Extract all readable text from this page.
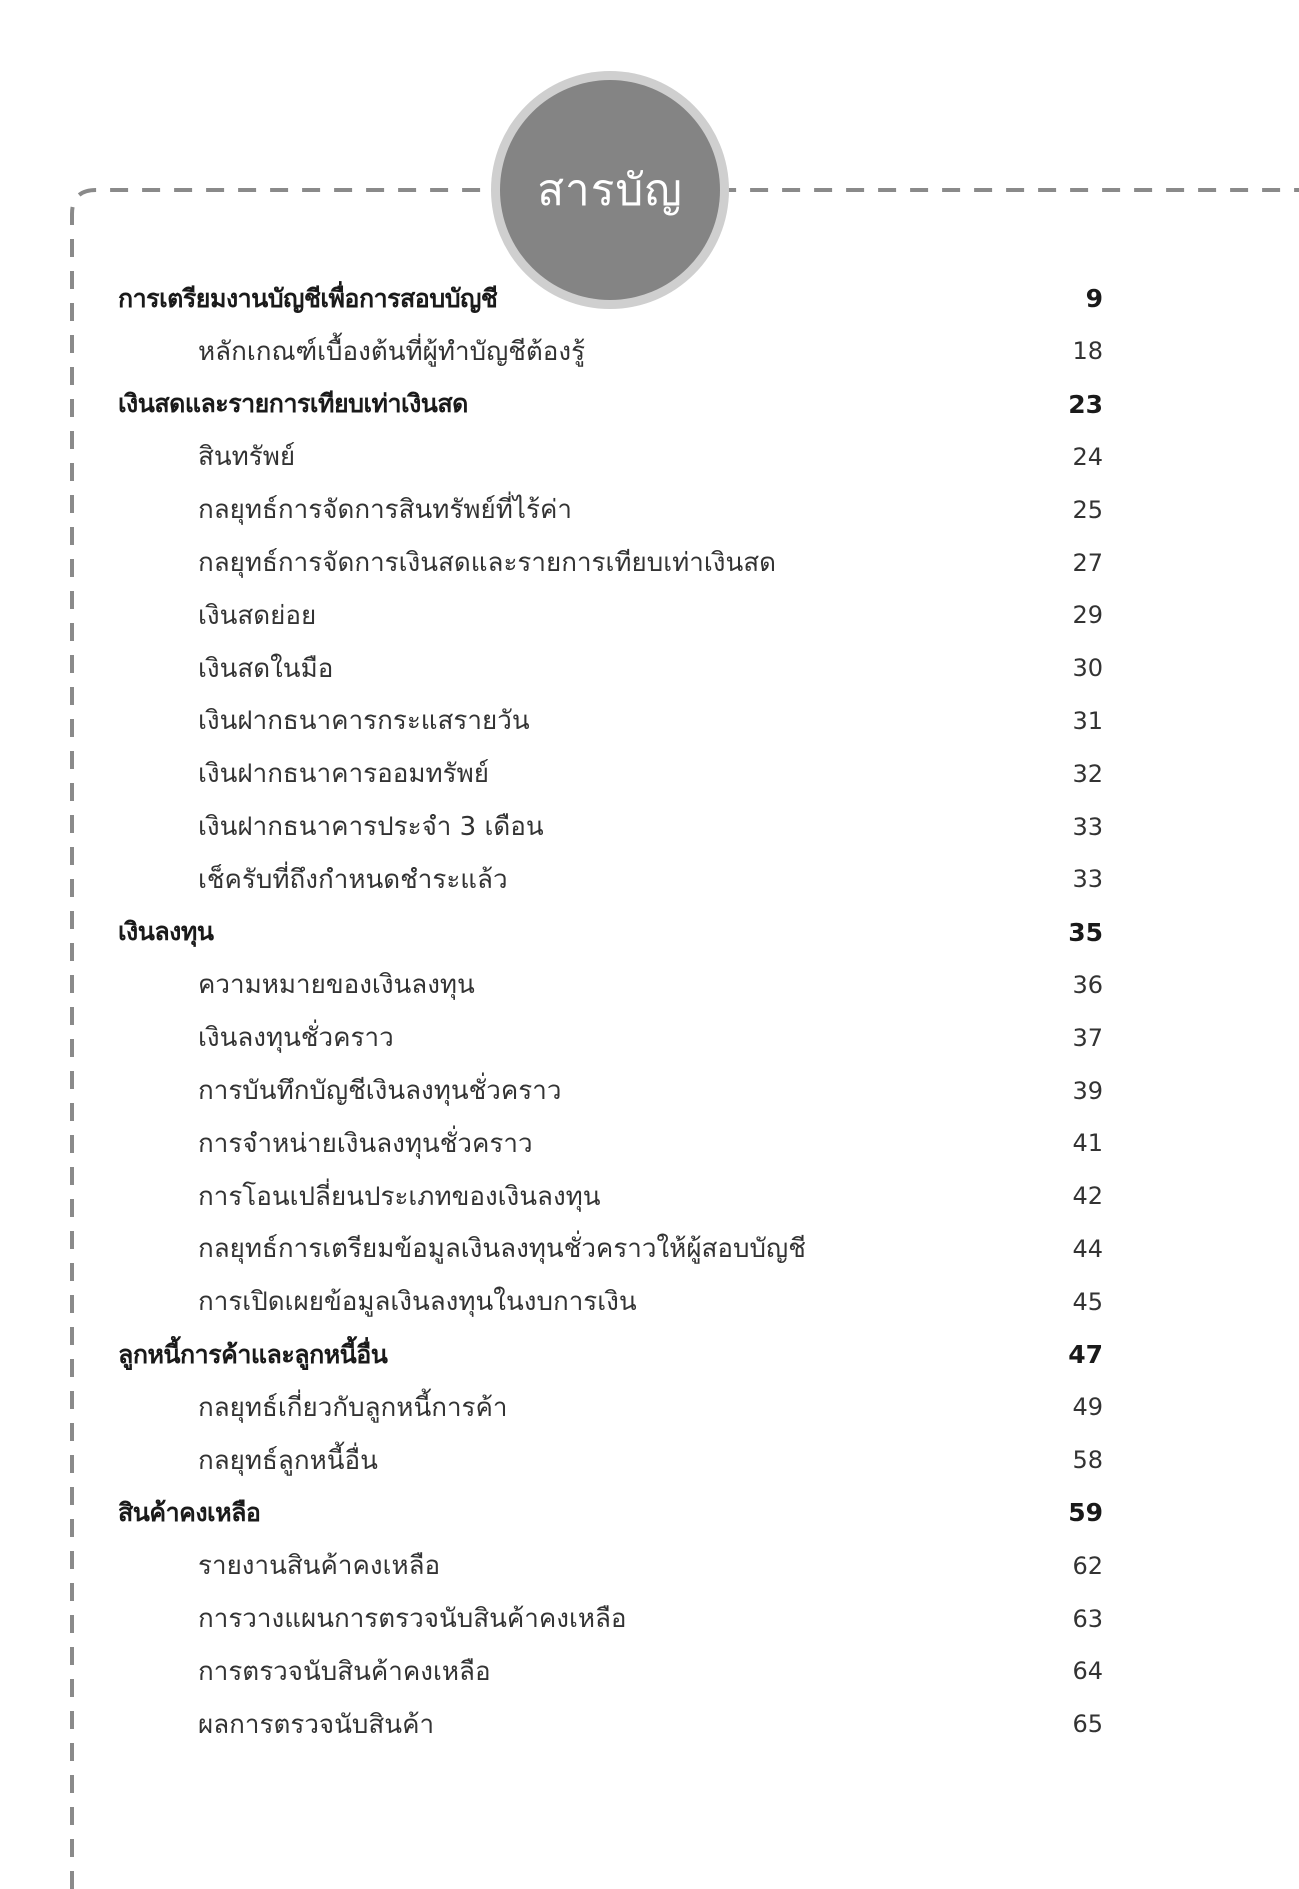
สารบัญ
การเตรียมงานบัญชีเพื่อการสอบบัญชี	9
หลักเกณฑ์เบื้องต้นที่ผู้ทำบัญชีต้องรู้	18
เงินสดและรายการเทียบเท่าเงินสด	23
สินทรัพย์	24
กลยุทธ์การจัดการสินทรัพย์ที่ไร้ค่า	25
กลยุทธ์การจัดการเงินสดและรายการเทียบเท่าเงินสด	27
เงินสดย่อย	29
เงินสดในมือ	30
เงินฝากธนาคารกระแสรายวัน	31
เงินฝากธนาคารออมทรัพย์	32
เงินฝากธนาคารประจำ 3 เดือน	33
เช็ครับที่ถึงกำหนดชำระแล้ว	33
เงินลงทุน	35
ความหมายของเงินลงทุน	36
เงินลงทุนชั่วคราว	37
การบันทึกบัญชีเงินลงทุนชั่วคราว	39
การจำหน่ายเงินลงทุนชั่วคราว	41
การโอนเปลี่ยนประเภทของเงินลงทุน	42
กลยุทธ์การเตรียมข้อมูลเงินลงทุนชั่วคราวให้ผู้สอบบัญชี	44
การเปิดเผยข้อมูลเงินลงทุนในงบการเงิน	45
ลูกหนี้การค้าและลูกหนี้อื่น	47
กลยุทธ์เกี่ยวกับลูกหนี้การค้า	49
กลยุทธ์ลูกหนี้อื่น	58
สินค้าคงเหลือ	59
รายงานสินค้าคงเหลือ	62
การวางแผนการตรวจนับสินค้าคงเหลือ	63
การตรวจนับสินค้าคงเหลือ	64
ผลการตรวจนับสินค้า	65
